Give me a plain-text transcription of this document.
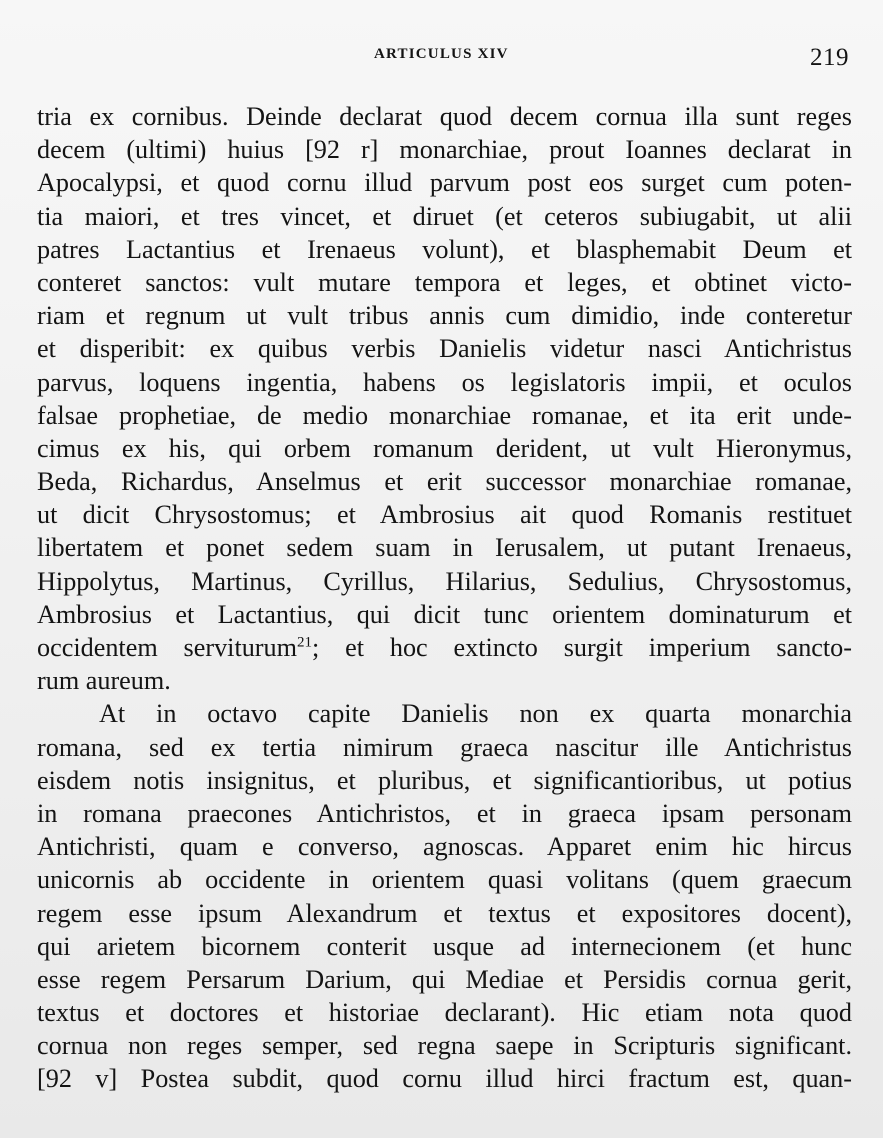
ARTICULUS XIV	219
tria ex cornibus. Deinde declarat quod decem cornua illa sunt reges
decem (ultimi) huius [92 r] monarchiae, prout Ioannes declarat in
Apocalypsi, et quod cornu illud parvum post eos surget cum poten-
tia maiori, et tres vincet, et diruet (et ceteros subiugabit, ut alii
patres Lactantius et Irenaeus volunt), et blasphemabit Deum et
conteret sanctos: vult mutare tempora et leges, et obtinet victo-
riam et regnum ut vult tribus annis cum dimidio, inde conteretur
et disperibit: ex quibus verbis Danielis videtur nasci Antichristus
parvus, loquens ingentia, habens os legislatoris impii, et oculos
falsae prophetiae, de medio monarchiae romanae, et ita erit unde-
cimus ex his, qui orbem romanum derident, ut vult Hieronymus,
Beda, Richardus, Anselmus et erit successor monarchiae romanae,
ut dicit Chrysostomus; et Ambrosius ait quod Romanis restituet
libertatem et ponet sedem suam in Ierusalem, ut putant Irenaeus,
Hippolytus, Martinus, Cyrillus, Hilarius, Sedulius, Chrysostomus,
Ambrosius et Lactantius, qui dicit tunc orientem dominaturum et
occidentem serviturum$^{21}$; et hoc extincto surgit imperium sancto-
rum aureum.
At in octavo capite Danielis non ex quarta monarchia
romana, sed ex tertia nimirum graeca nascitur ille Antichristus
eisdem notis insignitus, et pluribus, et significantioribus, ut potius
in romana praecones Antichristos, et in graeca ipsam personam
Antichristi, quam e converso, agnoscas. Apparet enim hic hircus
unicornis ab occidente in orientem quasi volitans (quem graecum
regem esse ipsum Alexandrum et textus et expositores docent),
qui arietem bicornem conterit usque ad internecionem (et hunc
esse regem Persarum Darium, qui Mediae et Persidis cornua gerit,
textus et doctores et historiae declarant). Hic etiam nota quod
cornua non reges semper, sed regna saepe in Scripturis significant.
[92 v] Postea subdit, quod cornu illud hirci fractum est, quan-
